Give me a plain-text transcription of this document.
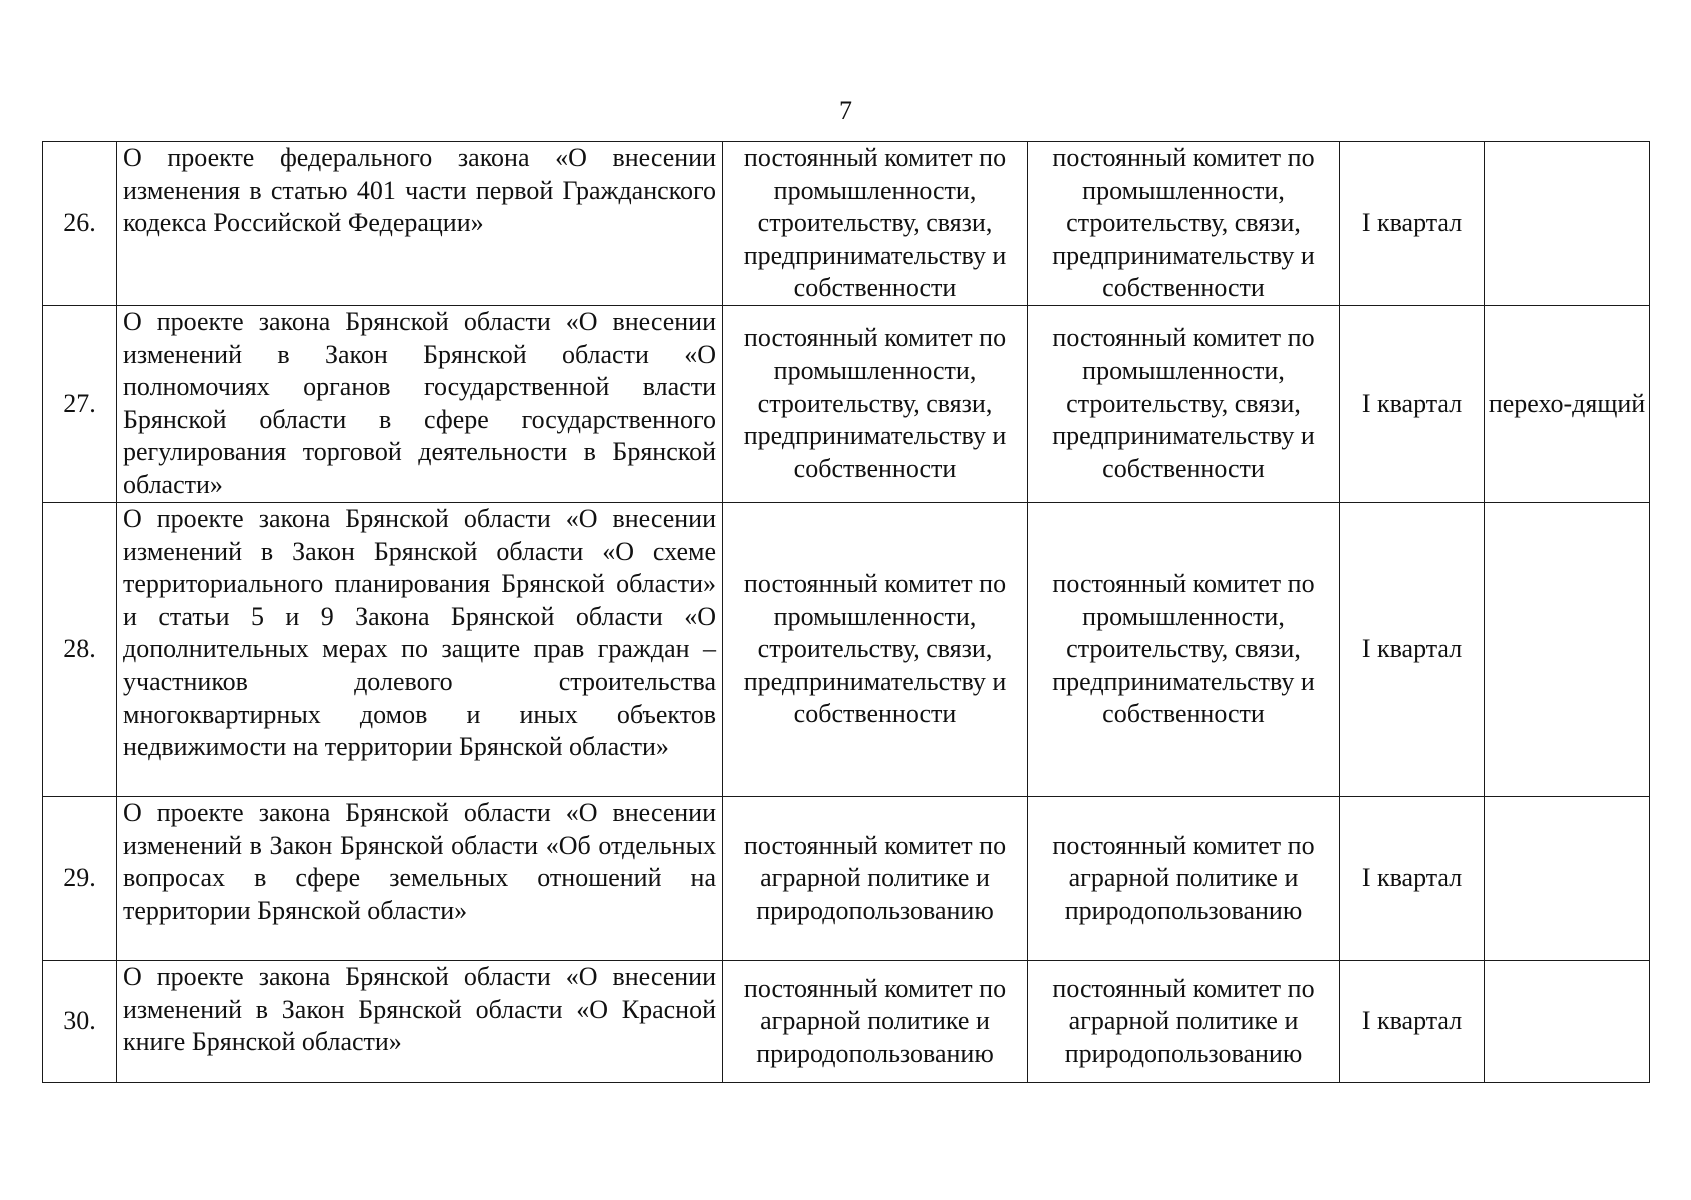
7
26.	О проекте федерального закона «О внесении изменения в статью 401 части первой Гражданского кодекса Российской Федерации»	постоянный комитет по промышленности, строительству, связи, предпринимательству и собственности	постоянный комитет по промышленности, строительству, связи, предпринимательству и собственности	I квартал	
27.	О проекте закона Брянской области «О внесении изменений в Закон Брянской области «О полномочиях органов государственной власти Брянской области в сфере государственного регулирования торговой деятельности в Брянской области»	постоянный комитет по промышленности, строительству, связи, предпринимательству и собственности	постоянный комитет по промышленности, строительству, связи, предпринимательству и собственности	I квартал	перехо-дящий
28.	О проекте закона Брянской области «О внесении изменений в Закон Брянской области «О схеме территориального планирования Брянской области» и статьи 5 и 9 Закона Брянской области «О дополнительных мерах по защите прав граждан – участников долевого строительства многоквартирных домов и иных объектов недвижимости на территории Брянской области»	постоянный комитет по промышленности, строительству, связи, предпринимательству и собственности	постоянный комитет по промышленности, строительству, связи, предпринимательству и собственности	I квартал	
29.	О проекте закона Брянской области «О внесении изменений в Закон Брянской области «Об отдельных вопросах в сфере земельных отношений на территории Брянской области»	постоянный комитет по аграрной политике и природопользованию	постоянный комитет по аграрной политике и природопользованию	I квартал	
30.	О проекте закона Брянской области «О внесении изменений в Закон Брянской области «О Красной книге Брянской области»	постоянный комитет по аграрной политике и природопользованию	постоянный комитет по аграрной политике и природопользованию	I квартал	
